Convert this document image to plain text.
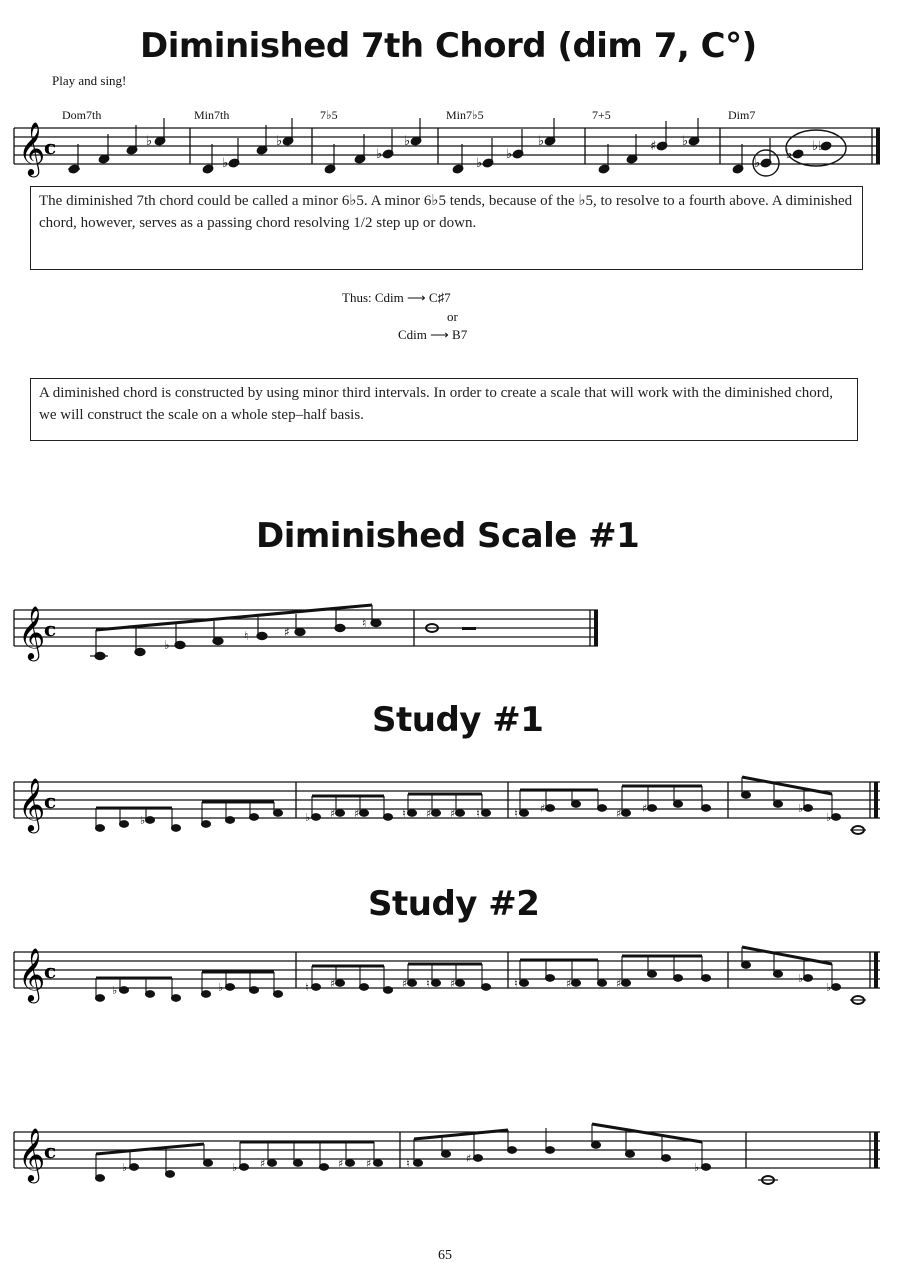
Diminished 7th Chord (dim 7, C°)
Play and sing!
Dom7th	Min7th	7♭5	Min7♭5	7+5	Dim7
𝄞
c	♭
♭
♭
♭
♭
♭
♭
♭	♯ ♭
♭
♭
♭♭
The diminished 7th chord could be called a minor 6♭5. A minor 6♭5 tends, because of the ♭5, to resolve to a fourth above. A diminished chord, however, serves as a passing chord resolving 1/2 step up or down.
Thus: Cdim ⟶ C♯7
or
Cdim ⟶ B7
A diminished chord is constructed by using minor third intervals. In order to create a scale that will work with the diminished chord, we will construct the scale on a whole step–half basis.
Diminished Scale #1
𝄞
c
♭
♮	♯
♮
Study #1
𝄞
c
♭	♭ ♯ ♯	♮ ♯ ♯ ♮	♮ ♯	♯ ♯	♭
♭
Study #2
𝄞
c
♭	♭	♮ ♯	♯ ♮ ♯	♮	♯	♯	♭
♭
𝄞
c
♭	♭ ♯	♯ ♯	♮	♯
♭
65
